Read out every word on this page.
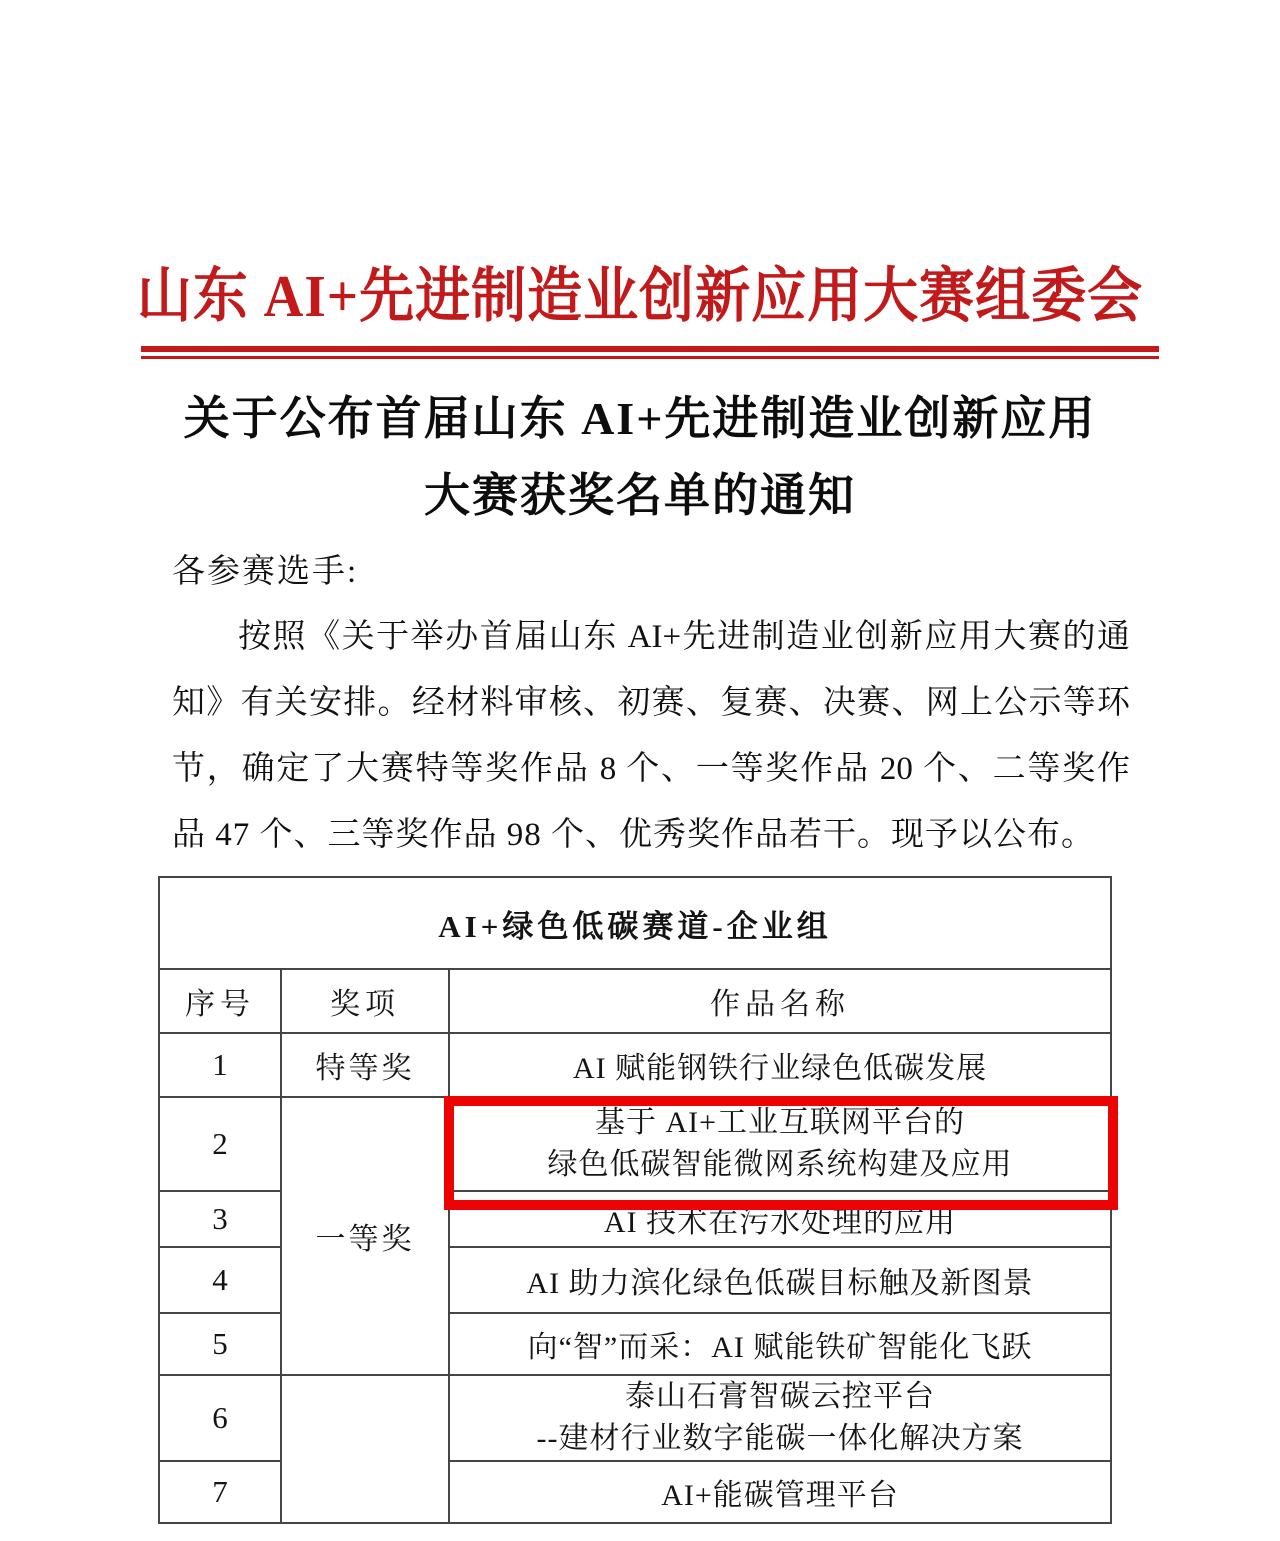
山东 AI+先进制造业创新应用大赛组委会
关于公布首届山东 AI+先进制造业创新应用
大赛获奖名单的通知
各参赛选手:
按照《关于举办首届山东 AI+先进制造业创新应用大赛的通
知》有关安排。经材料审核、初赛、复赛、决赛、网上公示等环
节，确定了大赛特等奖作品 8 个、一等奖作品 20 个、二等奖作
品 47 个、三等奖作品 98 个、优秀奖作品若干。现予以公布。
AI+绿色低碳赛道-企业组		
序号	奖项	作品名称
1	特等奖	AI 赋能钢铁行业绿色低碳发展
2	一等奖	基于 AI+工业互联网平台的
绿色低碳智能微网系统构建及应用

3		AI 技术在污水处理的应用
4		AI 助力滨化绿色低碳目标触及新图景
5		向“智”而采：AI 赋能铁矿智能化飞跃
6		泰山石膏智碳云控平台
--建材行业数字能碳一体化解决方案

7		AI+能碳管理平台
